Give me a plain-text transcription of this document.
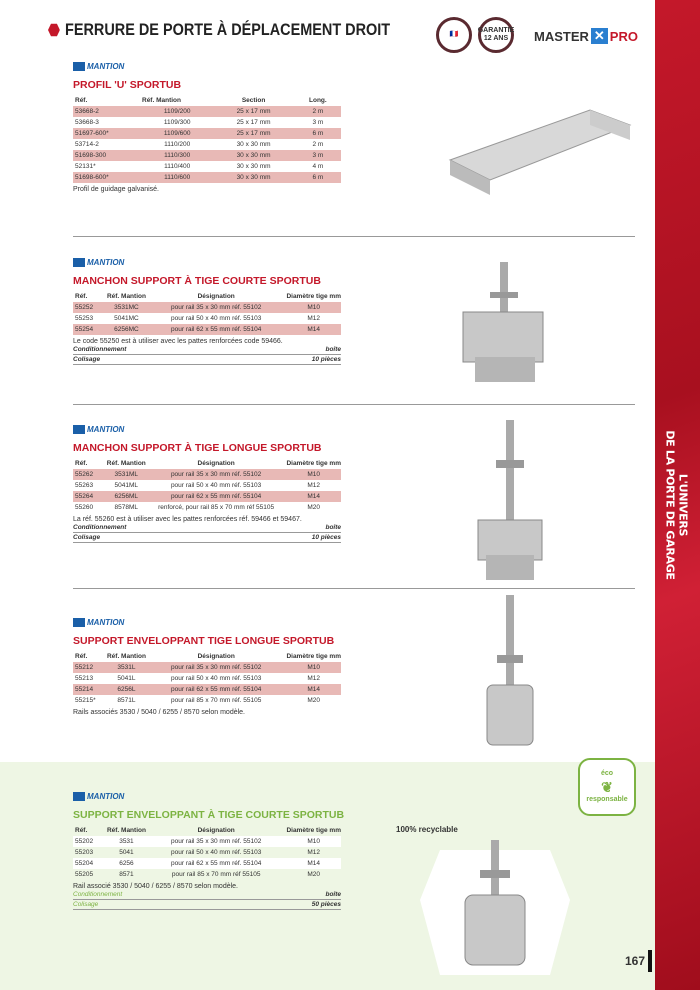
L'UNIVERS
DE LA PORTE DE GARAGE
FERRURE DE PORTE À DÉPLACEMENT DROIT	🇫🇷
GARANTIE 12 ANS	MASTER ✕ PRO
MANTION
PROFIL 'U' SPORTUB
Réf.	Réf. Mantion	Section	Long.
53668-2	1109/200	25 x 17 mm	2 m
53668-3	1109/300	25 x 17 mm	3 m
51697-600*	1109/600	25 x 17 mm	6 m
53714-2	1110/200	30 x 30 mm	2 m
51698-300	1110/300	30 x 30 mm	3 m
52131*	1110/400	30 x 30 mm	4 m
51698-600*	1110/600	30 x 30 mm	6 m
Profil de guidage galvanisé.
MANTION
MANCHON SUPPORT À TIGE COURTE SPORTUB
Réf.	Réf. Mantion	Désignation	Diamètre tige mm
55252	3531MC	pour rail 35 x 30 mm réf. 55102	M10
55253	5041MC	pour rail 50 x 40 mm réf. 55103	M12
55254	6256MC	pour rail 62 x 55 mm réf. 55104	M14
Le code 55250 est à utiliser avec les pattes renforcées code 59466.
Conditionnement	boîte
Colisage	10 pièces
MANTION
MANCHON SUPPORT À TIGE LONGUE SPORTUB
Réf.	Réf. Mantion	Désignation	Diamètre tige mm
55262	3531ML	pour rail 35 x 30 mm réf. 55102	M10
55263	5041ML	pour rail 50 x 40 mm réf. 55103	M12
55264	6256ML	pour rail 62 x 55 mm réf. 55104	M14
55260	8578ML	renforcé, pour rail 85 x 70 mm réf 55105	M20
La réf. 55260 est à utiliser avec les pattes renforcées réf. 59466 et 59467.
Conditionnement	boîte
Colisage	10 pièces
MANTION
SUPPORT ENVELOPPANT TIGE LONGUE SPORTUB
Réf.	Réf. Mantion	Désignation	Diamètre tige mm
55212	3531L	pour rail 35 x 30 mm réf. 55102	M10
55213	5041L	pour rail 50 x 40 mm réf. 55103	M12
55214	6256L	pour rail 62 x 55 mm réf. 55104	M14
55215*	8571L	pour rail 85 x 70 mm réf. 55105	M20
Rails associés 3530 / 5040 / 6255 / 8570 selon modèle.
MANTION
SUPPORT ENVELOPPANT À TIGE COURTE SPORTUB
Réf.	Réf. Mantion	Désignation	Diamètre tige mm
55202	3531	pour rail 35 x 30 mm réf. 55102	M10
55203	5041	pour rail 50 x 40 mm réf. 55103	M12
55204	6256	pour rail 62 x 55 mm réf. 55104	M14
55205	8571	pour rail 85 x 70 mm réf 55105	M20
Rail associé 3530 / 5040 / 6255 / 8570 selon modèle.
Conditionnement	boîte
Colisage	50 pièces
éco
❦
responsable
100% recyclable
167
